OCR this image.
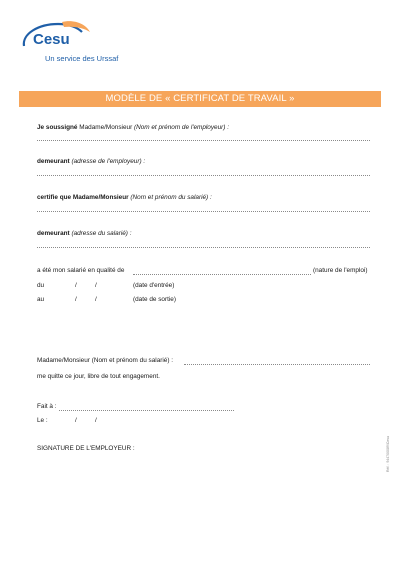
Cesu
Un service des Urssaf
MODÈLE DE « CERTIFICAT DE TRAVAIL »
Je soussigné Madame/Monsieur (Nom et prénom de l'employeur) :
demeurant (adresse de l'employeur) :
certifie que Madame/Monsieur (Nom et prénom du salarié) :
demeurant (adresse du salarié) :
a été mon salarié en qualité de	(nature de l'emploi)
du	/	/	(date d'entrée)
au	/	/	(date de sortie)
Madame/Monsieur (Nom et prénom du salarié) :
me quitte ce jour, libre de tout engagement.
Fait à :
Le :	/	/
SIGNATURE DE L'EMPLOYEUR :	Réf. : 944700089/Cesu
